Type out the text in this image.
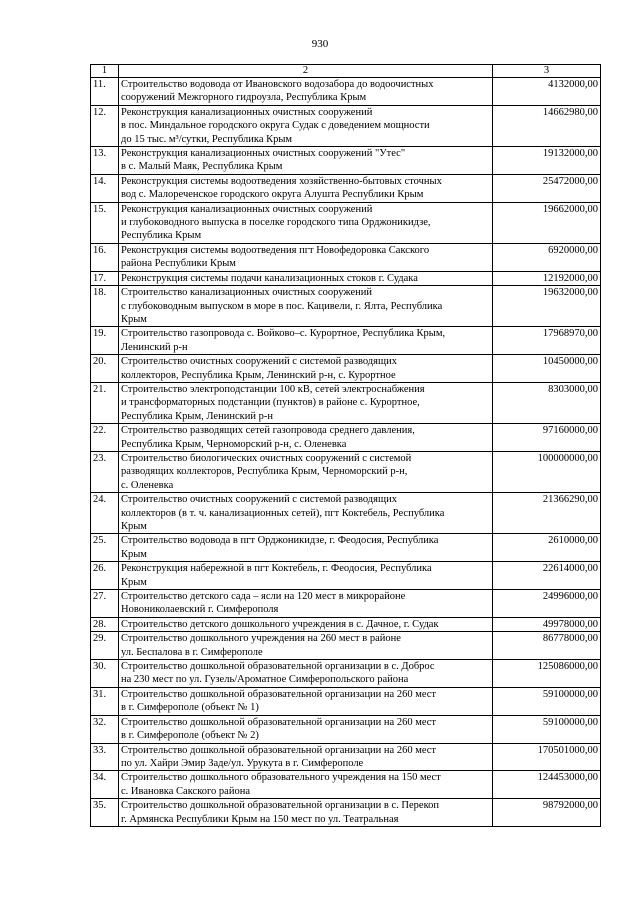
930
1	2	3
11.	Строительство водовода от Ивановского водозабора до водоочистных
сооружений Межгорного гидроузла, Республика Крым	4132000,00
12.	Реконструкция канализационных очистных сооружений
в пос. Миндальное городского округа Судак с доведением мощности
до 15 тыс. м³/сутки, Республика Крым	14662980,00
13.	Реконструкция канализационных очистных сооружений "Утес"
в с. Малый Маяк, Республика Крым	19132000,00
14.	Реконструкция системы водоотведения хозяйственно-бытовых сточных
вод с. Малореченское городского округа Алушта Республики Крым	25472000,00
15.	Реконструкция канализационных очистных сооружений
и глубоководного выпуска в поселке городского типа Орджоникидзе,
Республика Крым	19662000,00
16.	Реконструкция системы водоотведения пгт Новофедоровка Сакского
района Республики Крым	6920000,00
17.	Реконструкция системы подачи канализационных стоков г. Судака	12192000,00
18.	Строительство канализационных очистных сооружений
с глубоководным выпуском в море в пос. Кацивели, г. Ялта, Республика
Крым	19632000,00
19.	Строительство газопровода с. Войково–с. Курортное, Республика Крым,
Ленинский р-н	17968970,00
20.	Строительство очистных сооружений с системой разводящих
коллекторов, Республика Крым, Ленинский р-н, с. Курортное	10450000,00
21.	Строительство электроподстанции 100 кВ, сетей электроснабжения
и трансформаторных подстанции (пунктов) в районе с. Курортное,
Республика Крым, Ленинский р-н	8303000,00
22.	Строительство разводящих сетей газопровода среднего давления,
Республика Крым, Черноморский р-н, с. Оленевка	97160000,00
23.	Строительство биологических очистных сооружений с системой
разводящих коллекторов, Республика Крым, Черноморский р-н,
с. Оленевка	100000000,00
24.	Строительство очистных сооружений с системой разводящих
коллекторов (в т. ч. канализационных сетей), пгт Коктебель, Республика
Крым	21366290,00
25.	Строительство водовода в пгт Орджоникидзе, г. Феодосия, Республика
Крым	2610000,00
26.	Реконструкция набережной в пгт Коктебель, г. Феодосия, Республика
Крым	22614000,00
27.	Строительство детского сада – ясли на 120 мест в микрорайоне
Новониколаевский г. Симферополя	24996000,00
28.	Строительство детского дошкольного учреждения в с. Дачное, г. Судак	49978000,00
29.	Строительство дошкольного учреждения на 260 мест в районе
ул. Беспалова в г. Симферополе	86778000,00
30.	Строительство дошкольной образовательной организации в с. Доброс
на 230 мест по ул. Гузель/Ароматное Симферопольского района	125086000,00
31.	Строительство дошкольной образовательной организации на 260 мест
в г. Симферополе (объект № 1)	59100000,00
32.	Строительство дошкольной образовательной организации на 260 мест
в г. Симферополе (объект № 2)	59100000,00
33.	Строительство дошкольной образовательной организации на 260 мест
по ул. Хайри Эмир Заде/ул. Урукута в г. Симферополе	170501000,00
34.	Строительство дошкольного образовательного учреждения на 150 мест
с. Ивановка Сакского района	124453000,00
35.	Строительство дошкольной образовательной организации в с. Перекоп
г. Армянска Республики Крым на 150 мест по ул. Театральная	98792000,00
